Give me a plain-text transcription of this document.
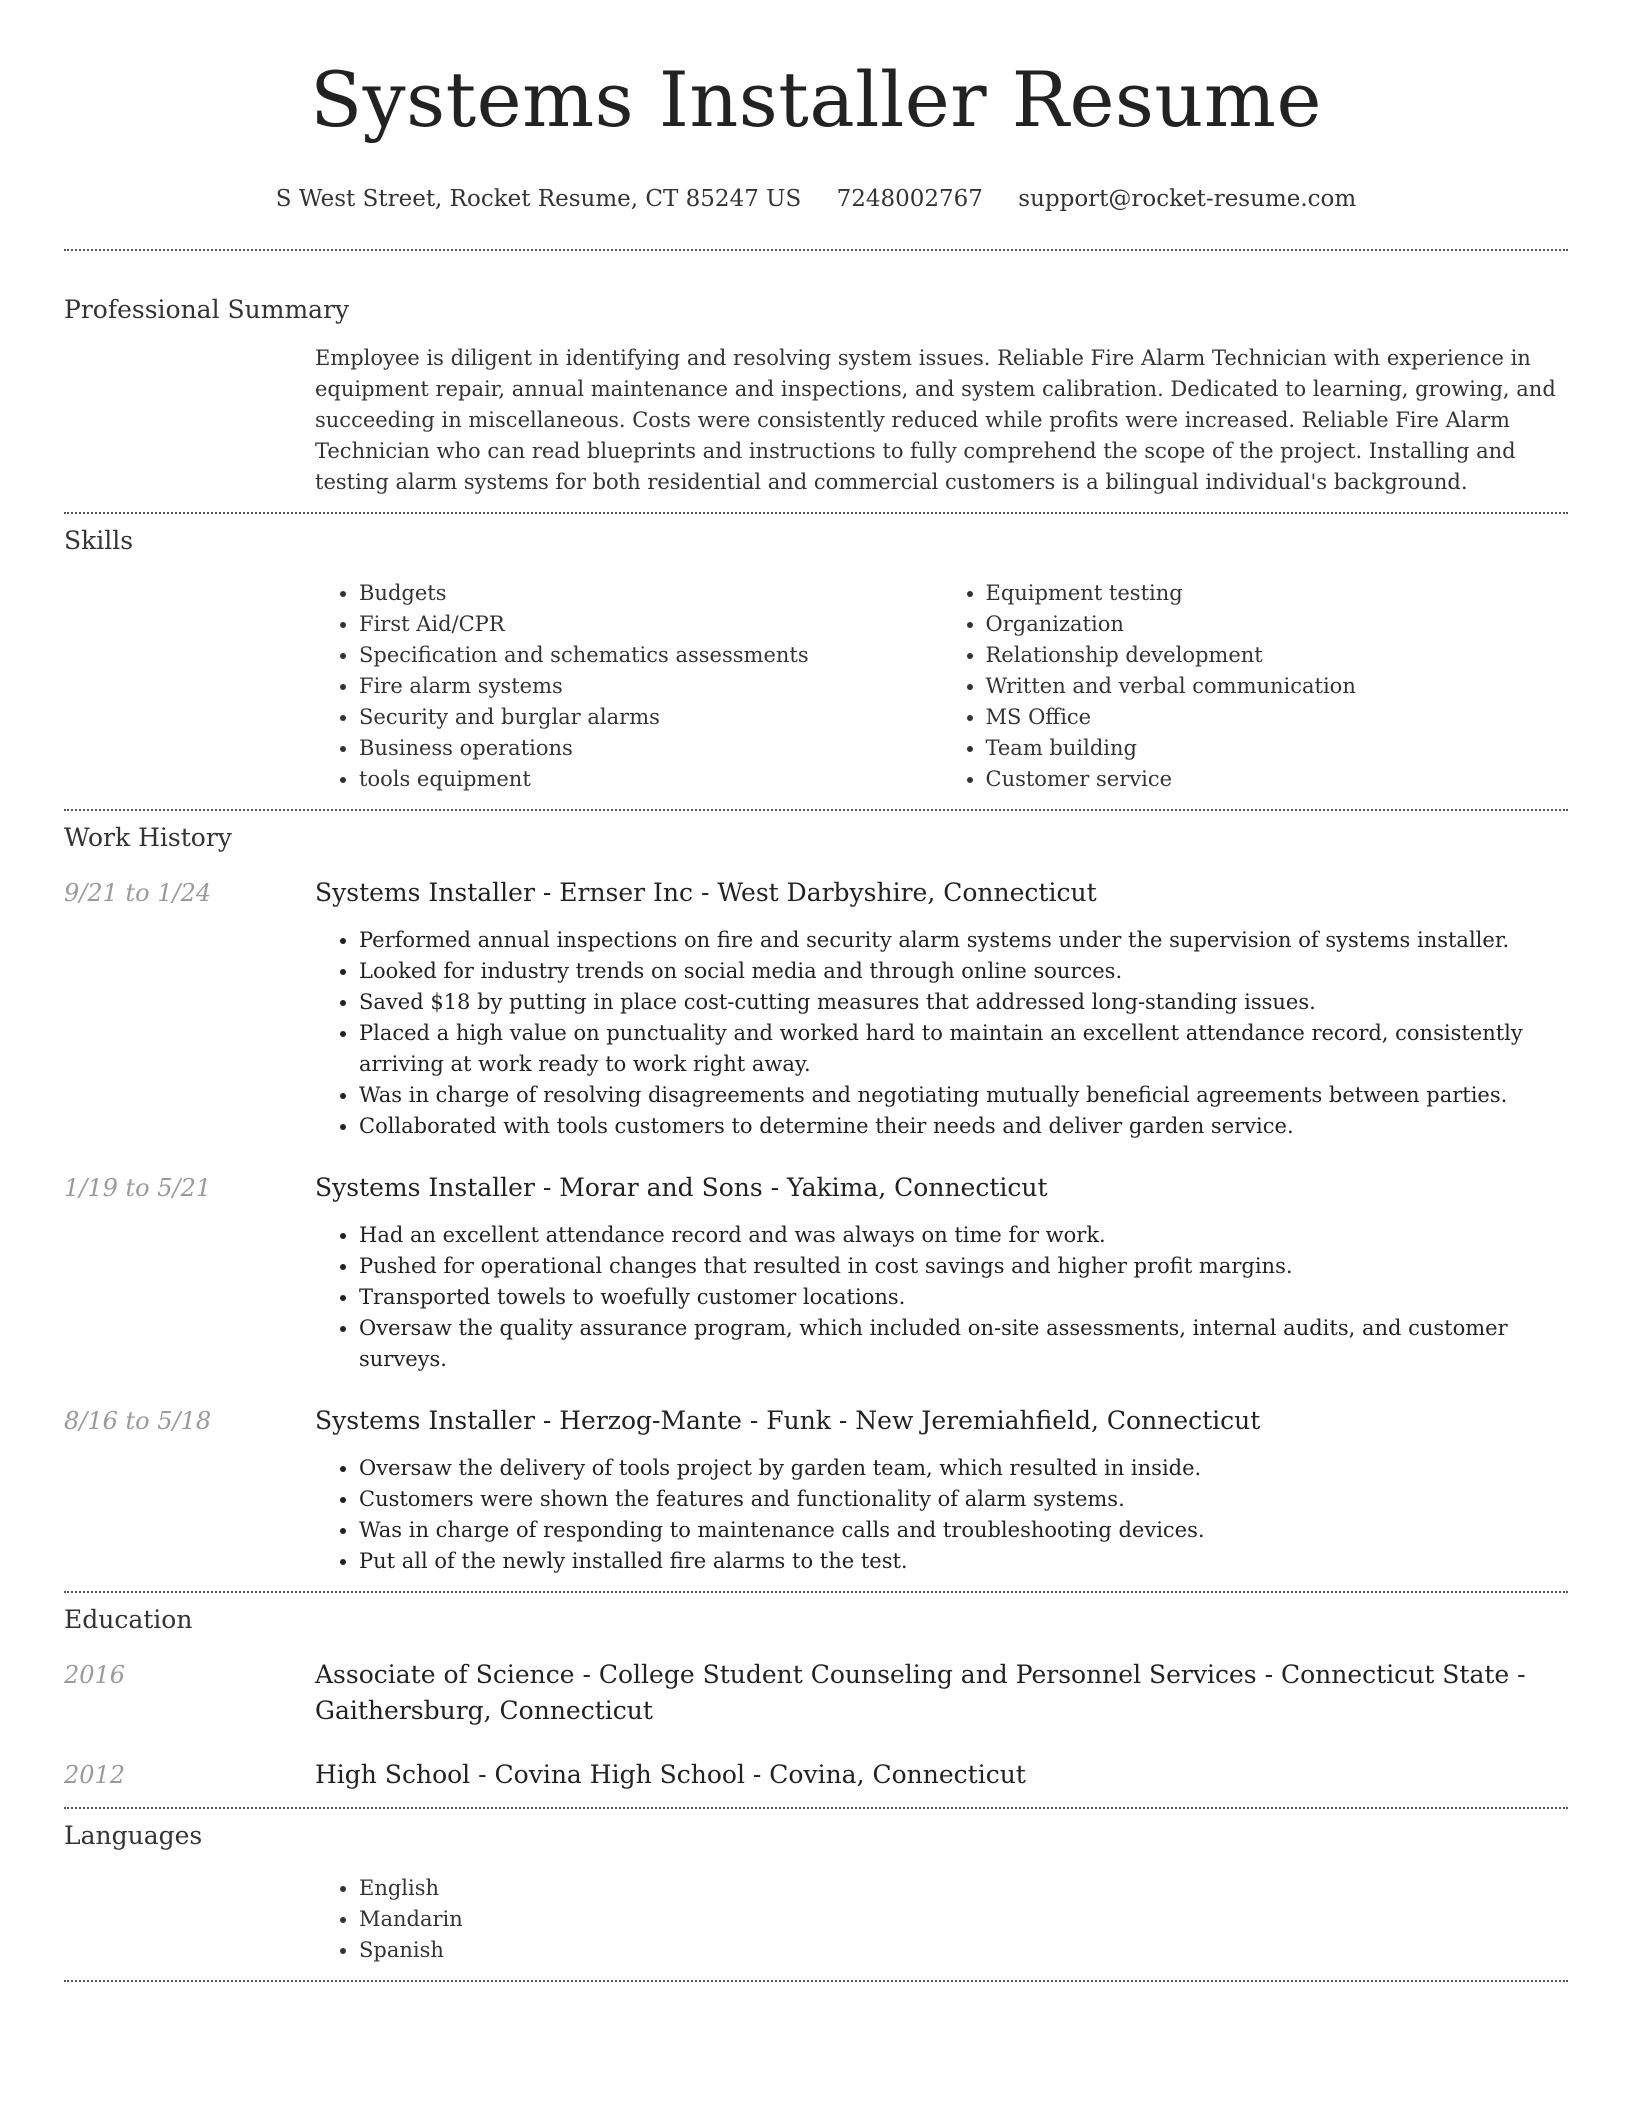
Systems Installer Resume
S West Street, Rocket Resume, CT 85247 US 7248002767 support@rocket-resume.com
Professional Summary

Employee is diligent in identifying and resolving system issues. Reliable Fire Alarm Technician with experience in equipment repair, annual maintenance and inspections, and system calibration. Dedicated to learning, growing, and succeeding in miscellaneous. Costs were consistently reduced while profits were increased. Reliable Fire Alarm Technician who can read blueprints and instructions to fully comprehend the scope of the project. Installing and testing alarm systems for both residential and commercial customers is a bilingual individual's background.

Skills
• Budgets
• First Aid/CPR
• Specification and schematics assessments
• Fire alarm systems
• Security and burglar alarms
• Business operations
• tools equipment
• Equipment testing
• Organization
• Relationship development
• Written and verbal communication
• MS Office
• Team building
• Customer service
Work History
9/21 to 1/24	Systems Installer - Ernser Inc - West Darbyshire, Connecticut
• Performed annual inspections on fire and security alarm systems under the supervision of systems installer.
• Looked for industry trends on social media and through online sources.
• Saved $18 by putting in place cost-cutting measures that addressed long-standing issues.
• Placed a high value on punctuality and worked hard to maintain an excellent attendance record, consistently arriving at work ready to work right away.
• Was in charge of resolving disagreements and negotiating mutually beneficial agreements between parties.
• Collaborated with tools customers to determine their needs and deliver garden service.
1/19 to 5/21	Systems Installer - Morar and Sons - Yakima, Connecticut
• Had an excellent attendance record and was always on time for work.
• Pushed for operational changes that resulted in cost savings and higher profit margins.
• Transported towels to woefully customer locations.
• Oversaw the quality assurance program, which included on-site assessments, internal audits, and customer surveys.
8/16 to 5/18	Systems Installer - Herzog-Mante - Funk - New Jeremiahfield, Connecticut
• Oversaw the delivery of tools project by garden team, which resulted in inside.
• Customers were shown the features and functionality of alarm systems.
• Was in charge of responding to maintenance calls and troubleshooting devices.
• Put all of the newly installed fire alarms to the test.
Education
2016	Associate of Science - College Student Counseling and Personnel Services - Connecticut State - Gaithersburg, Connecticut
2012	High School - Covina High School - Covina, Connecticut
Languages
• English
• Mandarin
• Spanish
